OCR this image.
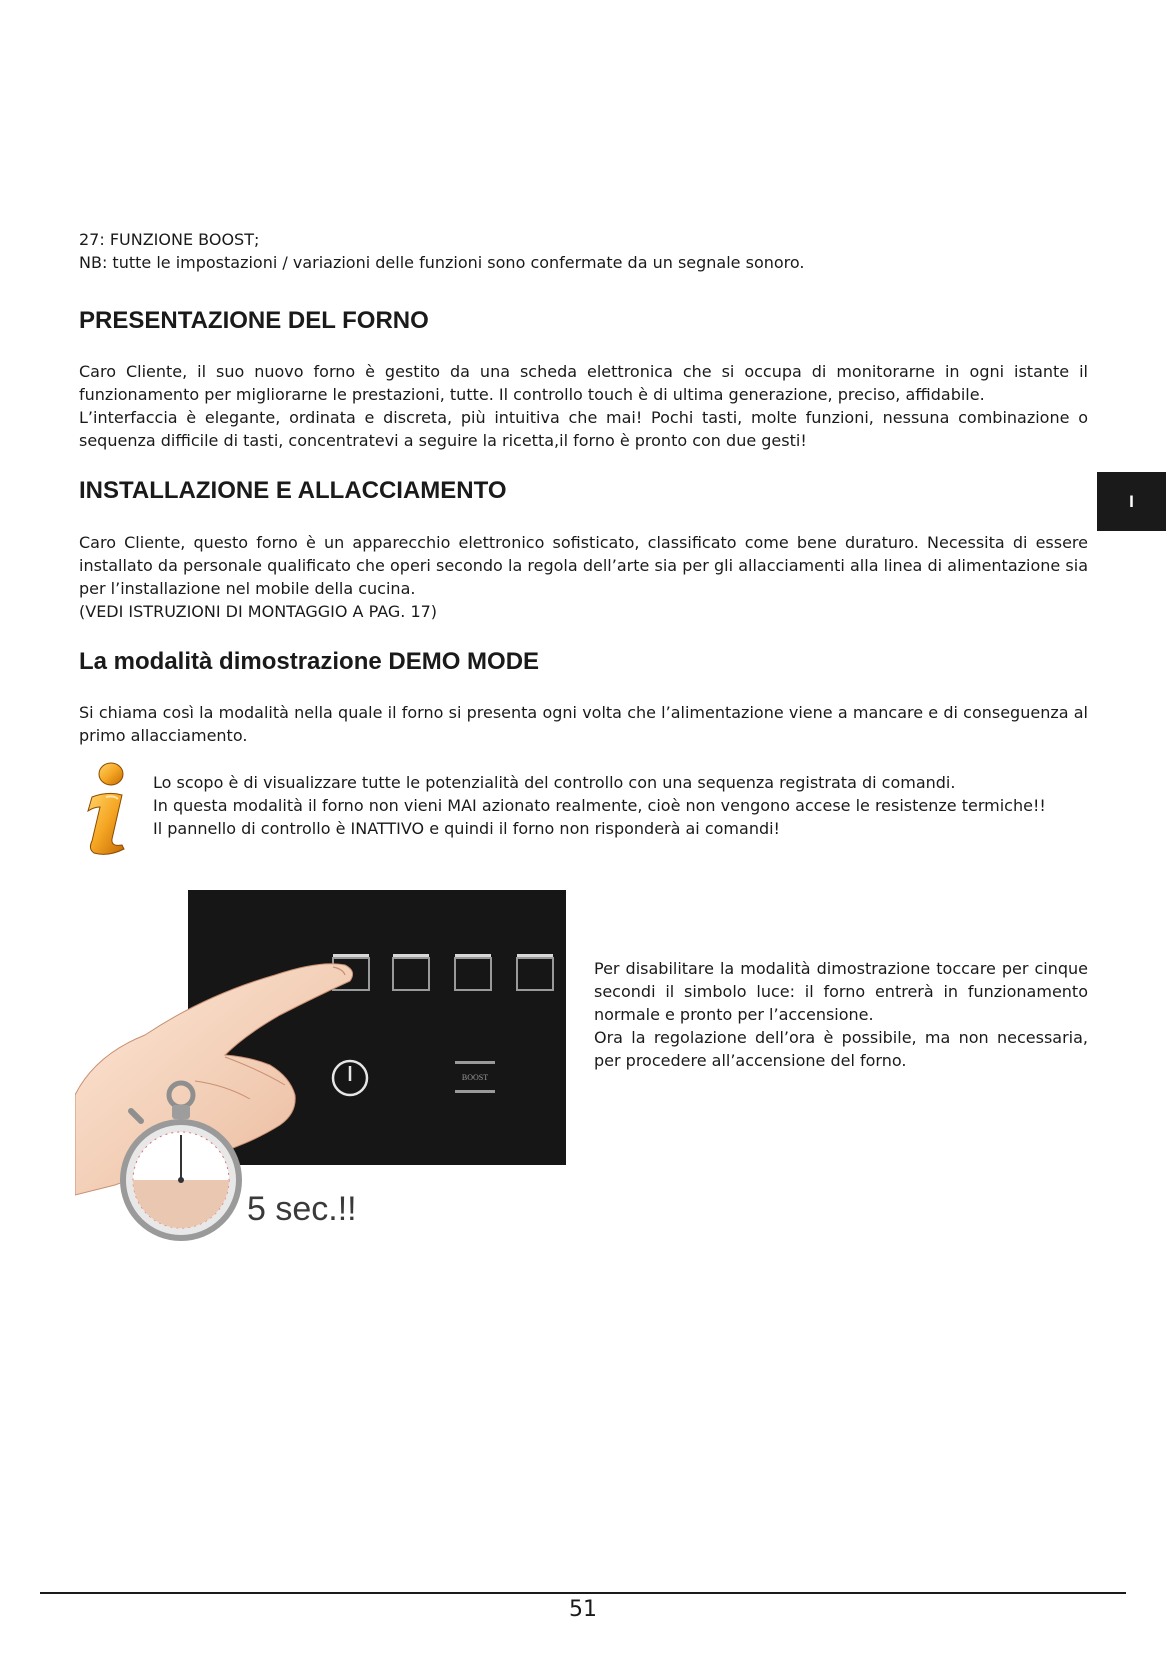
27: FUNZIONE BOOST;
NB: tutte le impostazioni / variazioni delle funzioni sono confermate da un segnale sonoro.

PRESENTAZIONE DEL FORNO

Caro Cliente, il suo nuovo forno è gestito da una scheda elettronica che si occupa di monitorarne in ogni istante il funzionamento per migliorarne le prestazioni, tutte. Il controllo touch è di ultima generazione, preciso, affidabile.

L’interfaccia è elegante, ordinata e discreta, più intuitiva che mai! Pochi tasti, molte funzioni, nessuna combinazione o sequenza difficile di tasti, concentratevi a seguire la ricetta,il forno è pronto con due gesti!

I
INSTALLAZIONE E ALLACCIAMENTO

Caro Cliente, questo forno è un apparecchio elettronico sofisticato, classificato come bene duraturo. Necessita di essere installato da personale qualificato che operi secondo la regola dell’arte sia per gli allacciamenti alla linea di alimentazione sia per l’installazione nel mobile della cucina.

(VEDI ISTRUZIONI DI MONTAGGIO A PAG. 17)

La modalità dimostrazione DEMO MODE

Si chiama così la modalità nella quale il forno si presenta ogni volta che l’alimentazione viene a mancare e di conseguenza al primo allacciamento.

Lo scopo è di visualizzare tutte le potenzialità del controllo con una sequenza registrata di comandi.
In questa modalità il forno non vieni MAI azionato realmente, cioè non vengono accese le resistenze termiche!!
Il pannello di controllo è INATTIVO e quindi il forno non risponderà ai comandi!

BOOST
5 sec.!!

Per disabilitare la modalità dimostrazione toccare per cinque secondi il simbolo luce: il forno entrerà in funzionamento normale e pronto per l’accensione.
Ora la regolazione dell’ora è possibile, ma non necessaria, per procedere all’accensione del forno.

51
